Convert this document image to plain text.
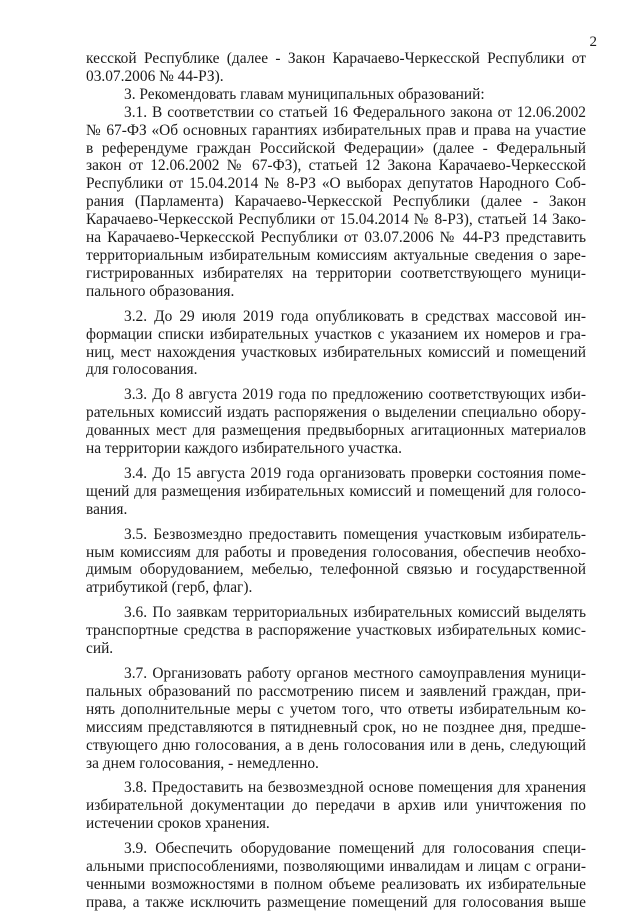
2

кесской Республике (далее - Закон Карачаево-Черкесской Республики от
03.07.2006 № 44-РЗ).

3. Рекомендовать главам муниципальных образований:

3.1. В соответствии со статьей 16 Федерального закона от 12.06.2002
№ 67-ФЗ «Об основных гарантиях избирательных прав и права на участие
в референдуме граждан Российской Федерации» (далее - Федеральный
закон от 12.06.2002 № 67-ФЗ), статьей 12 Закона Карачаево-Черкесской
Республики от 15.04.2014 № 8-РЗ «О выборах депутатов Народного Соб-
рания (Парламента) Карачаево-Черкесской Республики (далее - Закон
Карачаево-Черкесской Республики от 15.04.2014 № 8-РЗ), статьей 14 Зако-
на Карачаево-Черкесской Республики от 03.07.2006 № 44-РЗ представить
территориальным избирательным комиссиям актуальные сведения о заре-
гистрированных избирателях на территории соответствующего муници-
пального образования.

3.2. До 29 июля 2019 года опубликовать в средствах массовой ин-
формации списки избирательных участков с указанием их номеров и гра-
ниц, мест нахождения участковых избирательных комиссий и помещений
для голосования.

3.3. До 8 августа 2019 года по предложению соответствующих изби-
рательных комиссий издать распоряжения о выделении специально обору-
дованных мест для размещения предвыборных агитационных материалов
на территории каждого избирательного участка.

3.4. До 15 августа 2019 года организовать проверки состояния поме-
щений для размещения избирательных комиссий и помещений для голосо-
вания.

3.5. Безвозмездно предоставить помещения участковым избиратель-
ным комиссиям для работы и проведения голосования, обеспечив необхо-
димым оборудованием, мебелью, телефонной связью и государственной
атрибутикой (герб, флаг).

3.6. По заявкам территориальных избирательных комиссий выделять
транспортные средства в распоряжение участковых избирательных комис-
сий.

3.7. Организовать работу органов местного самоуправления муници-
пальных образований по рассмотрению писем и заявлений граждан, при-
нять дополнительные меры с учетом того, что ответы избирательным ко-
миссиям представляются в пятидневный срок, но не позднее дня, предше-
ствующего дню голосования, а в день голосования или в день, следующий
за днем голосования, - немедленно.

3.8. Предоставить на безвозмездной основе помещения для хранения
избирательной документации до передачи в архив или уничтожения по
истечении сроков хранения.

3.9. Обеспечить оборудование помещений для голосования специ-
альными приспособлениями, позволяющими инвалидам и лицам с ограни-
ченными возможностями в полном объеме реализовать их избирательные
права, а также исключить размещение помещений для голосования выше
